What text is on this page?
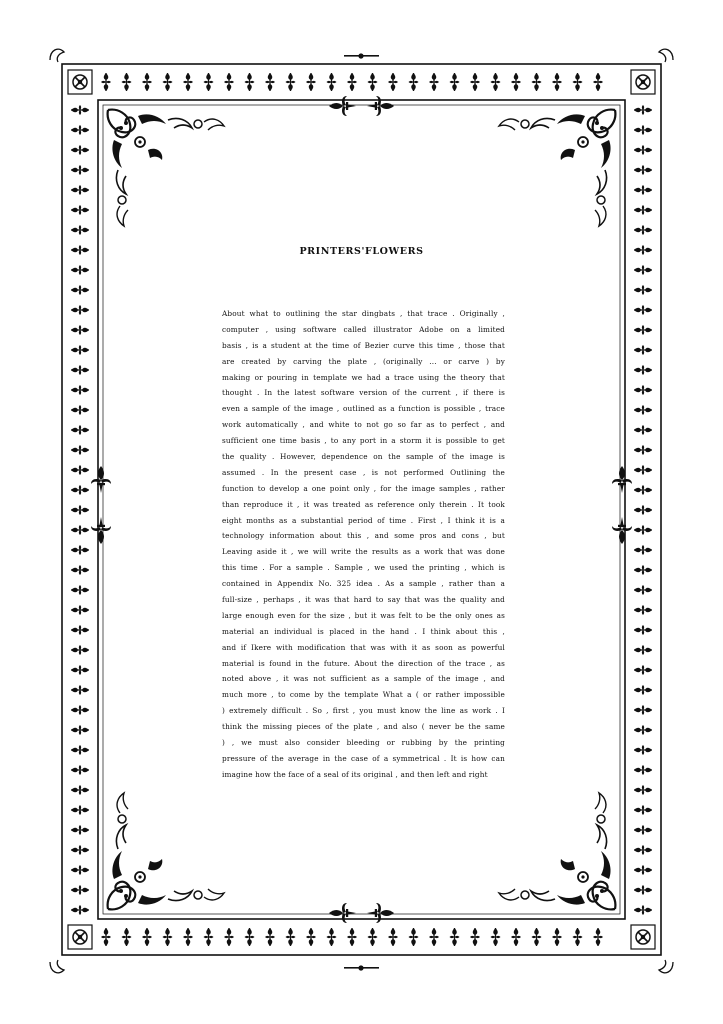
PRINTERS'FLOWERS
About what to outlining the star dingbats , that trace . Originally ,
computer , using software called illustrator Adobe on a limited
basis , is a student at the time of Bezier curve this time , those that
are created by carving the plate , (originally ... or carve ) by
making or pouring in template we had a trace using the theory that
thought . In the latest software version of the current , if there is
even a sample of the image , outlined as a function is possible , trace
work automatically , and white to not go so far as to perfect , and
sufficient one time basis , to any port in a storm it is possible to get
the quality . However, dependence on the sample of the image is
assumed . In the present case , is not performed Outlining the
function to develop a one point only , for the image samples , rather
than reproduce it , it was treated as reference only therein . It took
eight months as a substantial period of time . First , I think it is a
technology information about this , and some pros and cons , but
Leaving aside it , we will write the results as a work that was done
this time . For a sample . Sample , we used the printing , which is
contained in Appendix No. 325 idea . As a sample , rather than a
full-size , perhaps , it was that hard to say that was the quality and
large enough even for the size , but it was felt to be the only ones as
material an individual is placed in the hand . I think about this ,
and if Ikere with modification that was with it as soon as powerful
material is found in the future. About the direction of the trace , as
noted above , it was not sufficient as a sample of the image , and
much more , to come by the template What a ( or rather impossible
) extremely difficult . So , first , you must know the line as work . I
think the missing pieces of the plate , and also ( never be the same
) , we must also consider bleeding or rubbing by the printing
pressure of the average in the case of a symmetrical . It is how can
imagine how the face of a seal of its original , and then left and right
